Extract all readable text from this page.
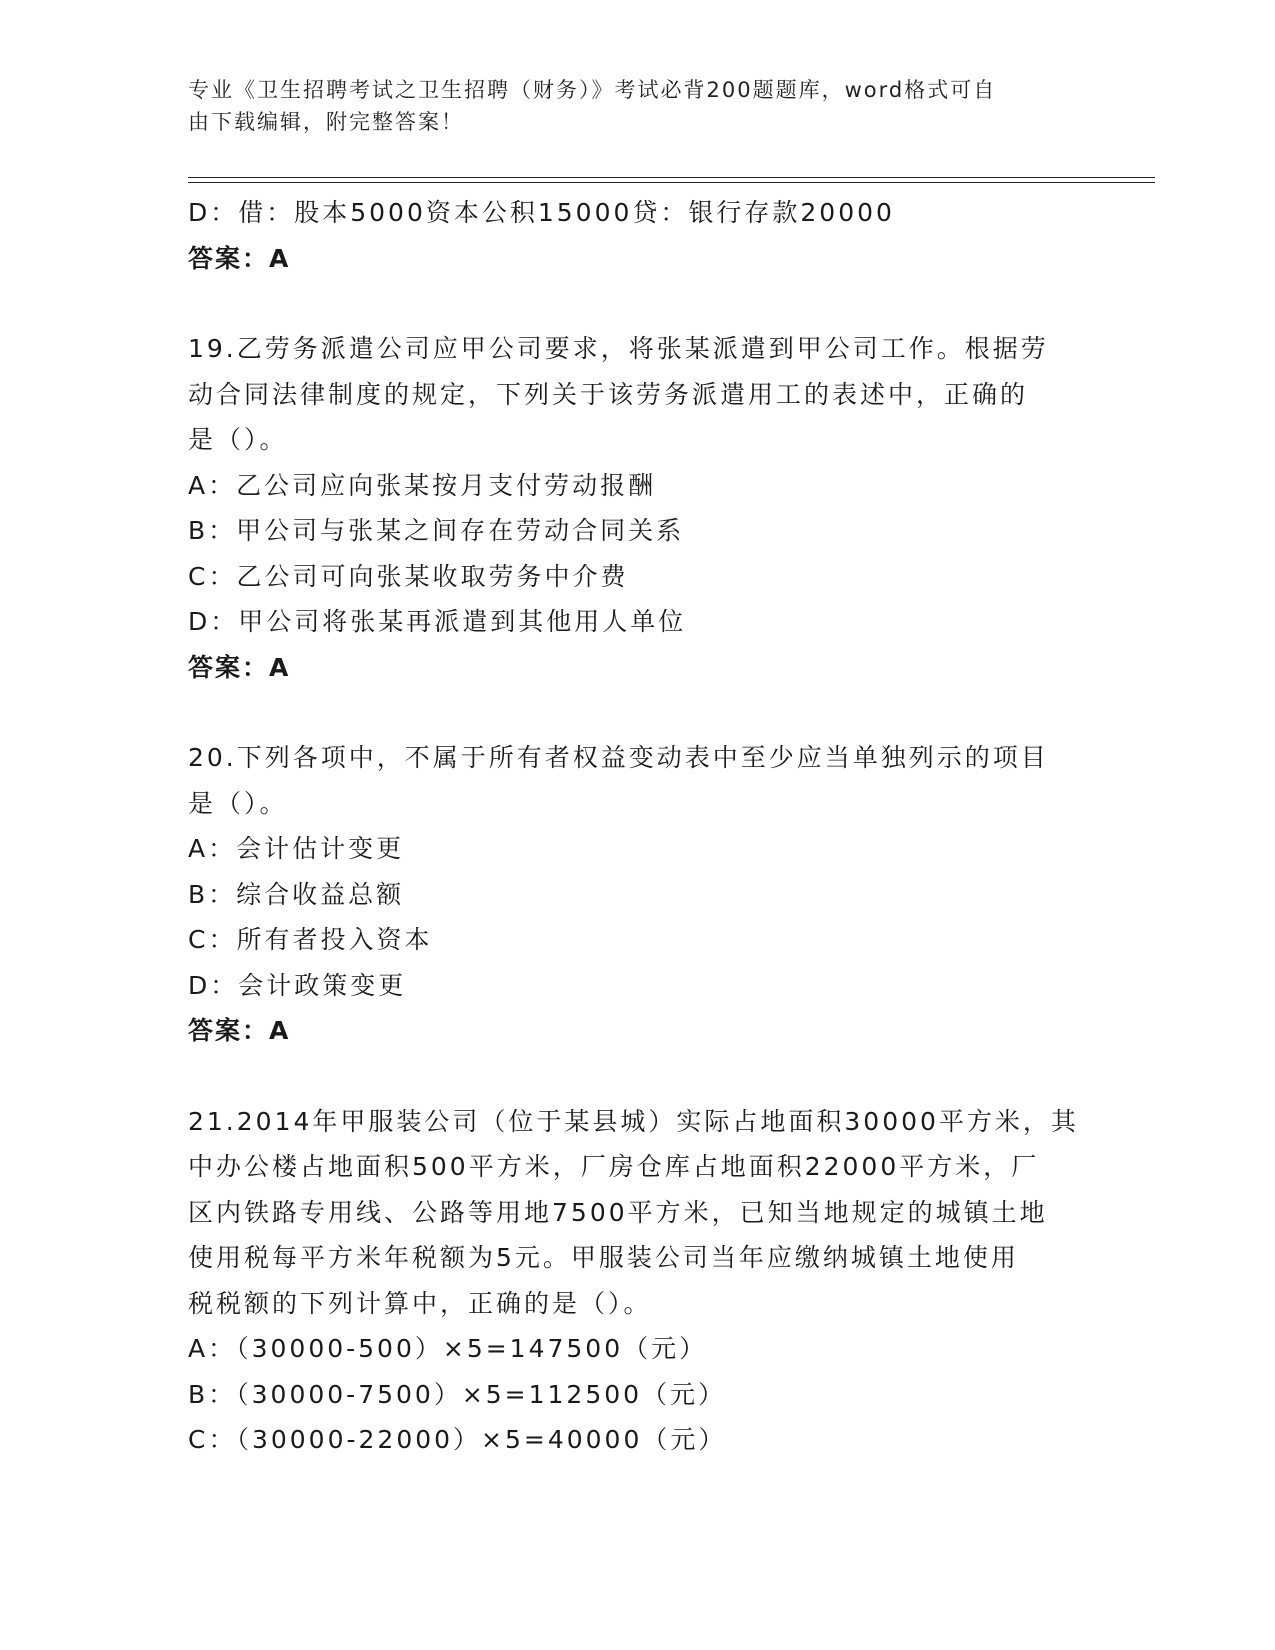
专业《卫生招聘考试之卫生招聘（财务）》考试必背200题题库，word格式可自
由下载编辑，附完整答案！
D：借：股本5000资本公积15000贷：银行存款20000
答案：A
19.乙劳务派遣公司应甲公司要求，将张某派遣到甲公司工作。根据劳
动合同法律制度的规定，下列关于该劳务派遣用工的表述中，正确的
是（）。
A：乙公司应向张某按月支付劳动报酬
B：甲公司与张某之间存在劳动合同关系
C：乙公司可向张某收取劳务中介费
D：甲公司将张某再派遣到其他用人单位
答案：A
20.下列各项中，不属于所有者权益变动表中至少应当单独列示的项目
是（）。
A：会计估计变更
B：综合收益总额
C：所有者投入资本
D：会计政策变更
答案：A
21.2014年甲服装公司（位于某县城）实际占地面积30000平方米，其
中办公楼占地面积500平方米，厂房仓库占地面积22000平方米，厂
区内铁路专用线、公路等用地7500平方米，已知当地规定的城镇土地
使用税每平方米年税额为5元。甲服装公司当年应缴纳城镇土地使用
税税额的下列计算中，正确的是（）。
A：（30000-500）×5=147500（元）
B：（30000-7500）×5=112500（元）
C：（30000-22000）×5=40000（元）
